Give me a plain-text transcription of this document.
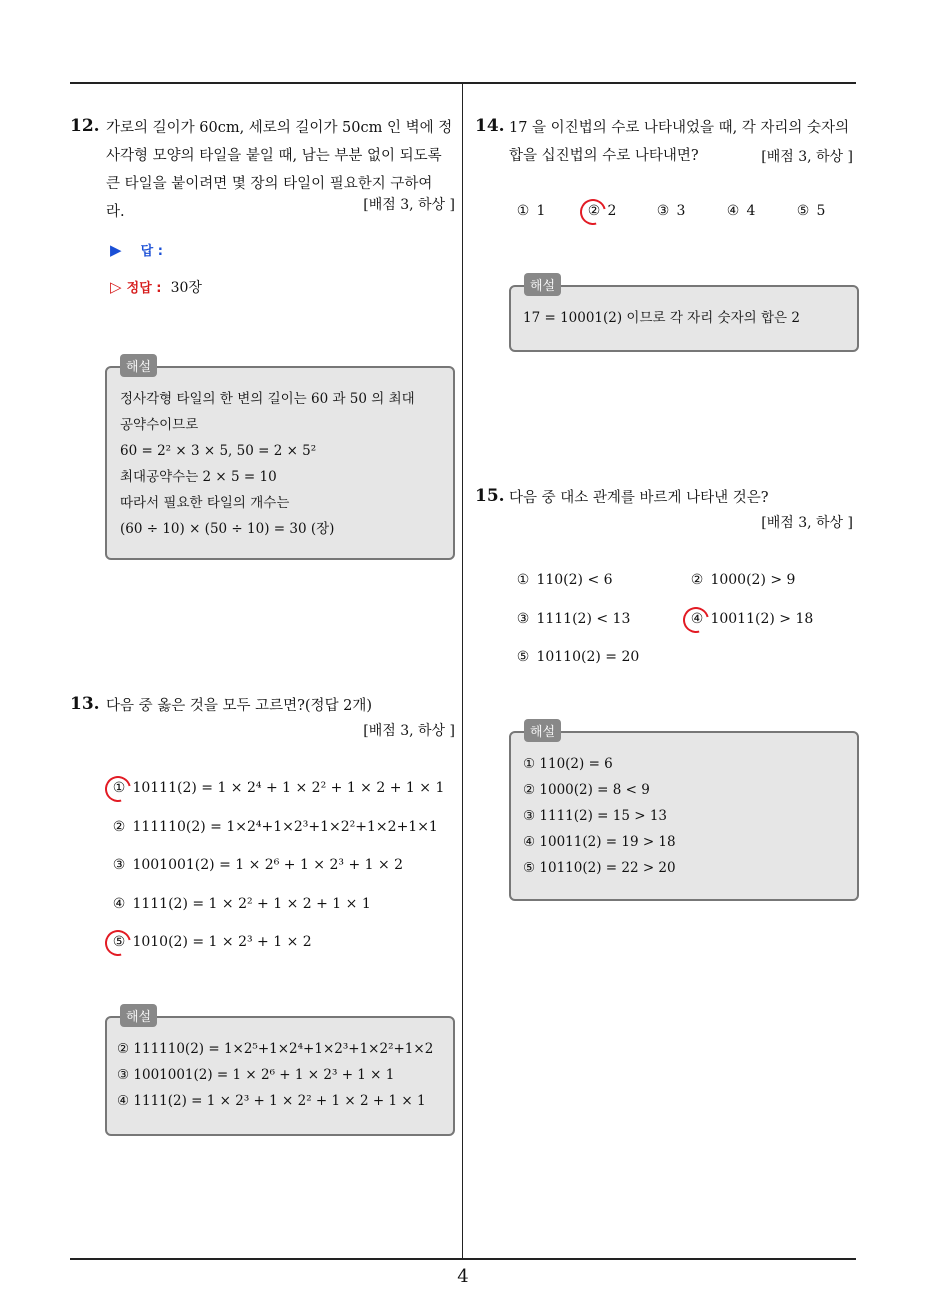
12. 가로의 길이가 60cm, 세로의 길이가 50cm 인 벽에 정
사각형 모양의 타일을 붙일 때, 남는 부분 없이 되도록
큰 타일을 붙이려면 몇 장의 타일이 필요한지 구하여
라.	[배점 3, 하상 ]
▶ 답 :
▷ 정답 : 30장
정사각형 타일의 한 변의 길이는 60 과 50 의 최대
공약수이므로
60 = 2² × 3 × 5, 50 = 2 × 5²
최대공약수는 2 × 5 = 10
따라서 필요한 타일의 개수는
(60 ÷ 10) × (50 ÷ 10) = 30 (장)
해설
13. 다음 중 옳은 것을 모두 고르면?(정답 2개)
[배점 3, 하상 ]
① 10111(2) = 1 × 2⁴ + 1 × 2² + 1 × 2 + 1 × 1
② 111110(2) = 1×2⁴+1×2³+1×2²+1×2+1×1
③ 1001001(2) = 1 × 2⁶ + 1 × 2³ + 1 × 2
④ 1111(2) = 1 × 2² + 1 × 2 + 1 × 1
⑤ 1010(2) = 1 × 2³ + 1 × 2
② 111110(2) = 1×2⁵+1×2⁴+1×2³+1×2²+1×2
③ 1001001(2) = 1 × 2⁶ + 1 × 2³ + 1 × 1
④ 1111(2) = 1 × 2³ + 1 × 2² + 1 × 2 + 1 × 1
해설
14. 17 을 이진법의 수로 나타내었을 때, 각 자리의 숫자의
합을 십진법의 수로 나타내면?	[배점 3, 하상 ]
① 1	② 2	③ 3	④ 4	⑤ 5
17 = 10001(2) 이므로 각 자리 숫자의 합은 2
해설
15. 다음 중 대소 관계를 바르게 나타낸 것은?
[배점 3, 하상 ]
① 110(2) < 6	② 1000(2) > 9
③ 1111(2) < 13	④ 10011(2) > 18
⑤ 10110(2) = 20
① 110(2) = 6
② 1000(2) = 8 < 9
③ 1111(2) = 15 > 13
④ 10011(2) = 19 > 18
⑤ 10110(2) = 22 > 20
해설
4
